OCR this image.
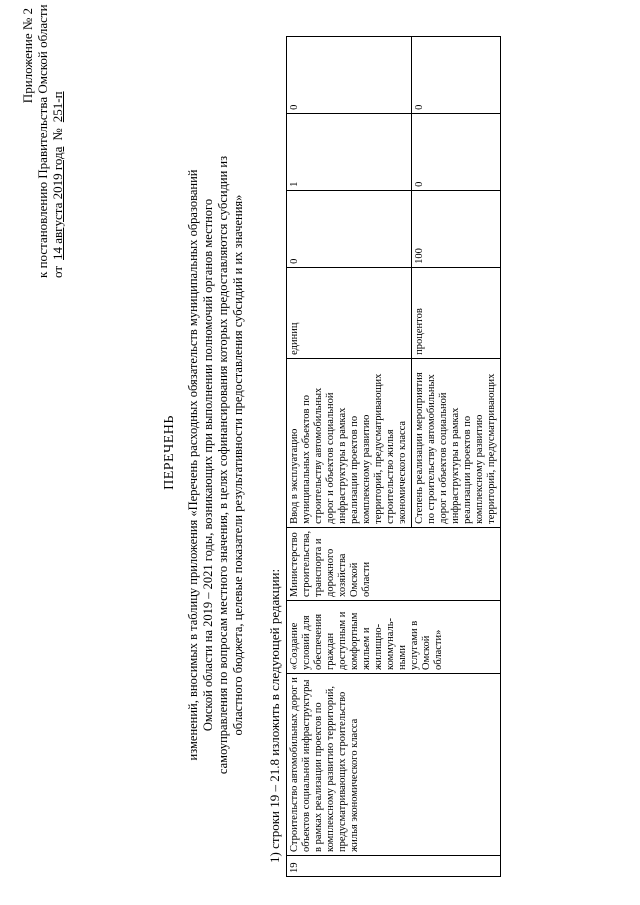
Приложение № 2 к постановлению Правительства Омской области от
14 августа 2019 года
№
251-п
ПЕРЕЧЕНЬ изменений, вносимых в таблицу приложения «Перечень расходных обязательств муниципальных образований Омской области на 2019 – 2021 годы, возникающих при выполнении полномочий органов местного самоуправления по вопросам местного значения, в целях софинансирования которых предоставляются субсидии из областного бюджета, целевые показатели результативности предоставления субсидий и их значения» 1) строки 19 – 21.8 изложить в следующей редакции:
19	Строительство автомобильных дорог и объектов социальной инфраструктуры в рамках реализации проектов по комплексному развитию территорий, предусматривающих строительство жилья экономического класса	«Создание условий для обеспечения граждан доступным и комфортным жильем и жилищно-коммуналь-ными услугами в Омской области»	Министерство строительства, транспорта и дорожного хозяйства Омской области	Ввод в эксплуатацию муниципальных объектов по строительству автомобильных дорог и объектов социальной инфраструктуры в рамках реализации проектов по комплексному развитию территорий, предусматривающих строительство жилья экономического класса	единиц	0	1	0
				Степень реализации мероприятия по строительству автомобильных дорог и объектов социальной инфраструктуры в рамках реализации проектов по комплексному развитию территорий, предусматривающих	процентов	100	0	0
